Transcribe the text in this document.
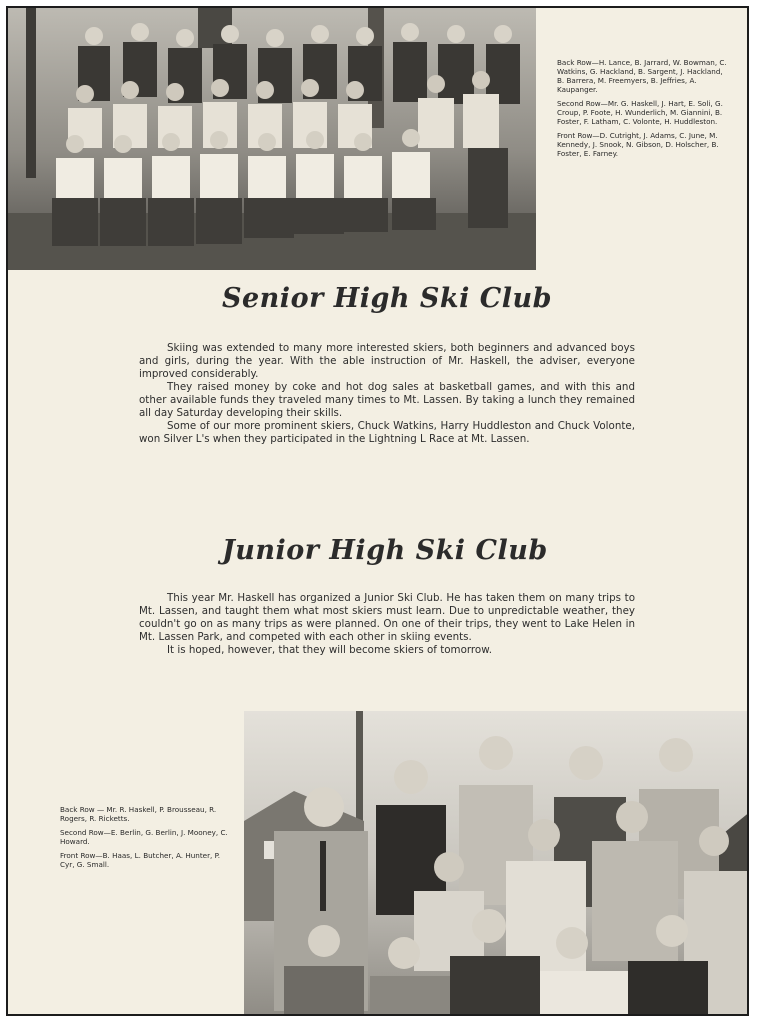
Back Row—H. Lance, B. Jarrard, W. Bowman, C. Watkins, G. Hackland, B. Sargent, J. Hackland, B. Barrera, M. Freemyers, B. Jeffries, A. Kaupanger.

Second Row—Mr. G. Haskell, J. Hart, E. Soli, G. Croup, P. Foote, H. Wunderlich, M. Giannini, B. Foster, F. Latham, C. Volonte, H. Huddleston.

Front Row—D. Cutright, J. Adams, C. June, M. Kennedy, J. Snook, N. Gibson, D. Holscher, B. Foster, E. Farney.

Senior High Ski Club

Skiing was extended to many more interested skiers, both beginners and advanced boys and girls, during the year. With the able instruction of Mr. Haskell, the adviser, everyone improved considerably.

They raised money by coke and hot dog sales at basketball games, and with this and other available funds they traveled many times to Mt. Lassen. By taking a lunch they remained all day Saturday developing their skills.

Some of our more prominent skiers, Chuck Watkins, Harry Huddleston and Chuck Volonte, won Silver L's when they participated in the Lightning L Race at Mt. Lassen.

Junior High Ski Club

This year Mr. Haskell has organized a Junior Ski Club. He has taken them on many trips to Mt. Lassen, and taught them what most skiers must learn. Due to unpredictable weather, they couldn't go on as many trips as were planned. On one of their trips, they went to Lake Helen in Mt. Lassen Park, and competed with each other in skiing events.

It is hoped, however, that they will become skiers of tomorrow.

Back Row — Mr. R. Haskell, P. Brousseau, R. Rogers, R. Ricketts.

Second Row—E. Berlin, G. Berlin, J. Mooney, C. Howard.

Front Row—B. Haas, L. Butcher, A. Hunter, P. Cyr, G. Small.
